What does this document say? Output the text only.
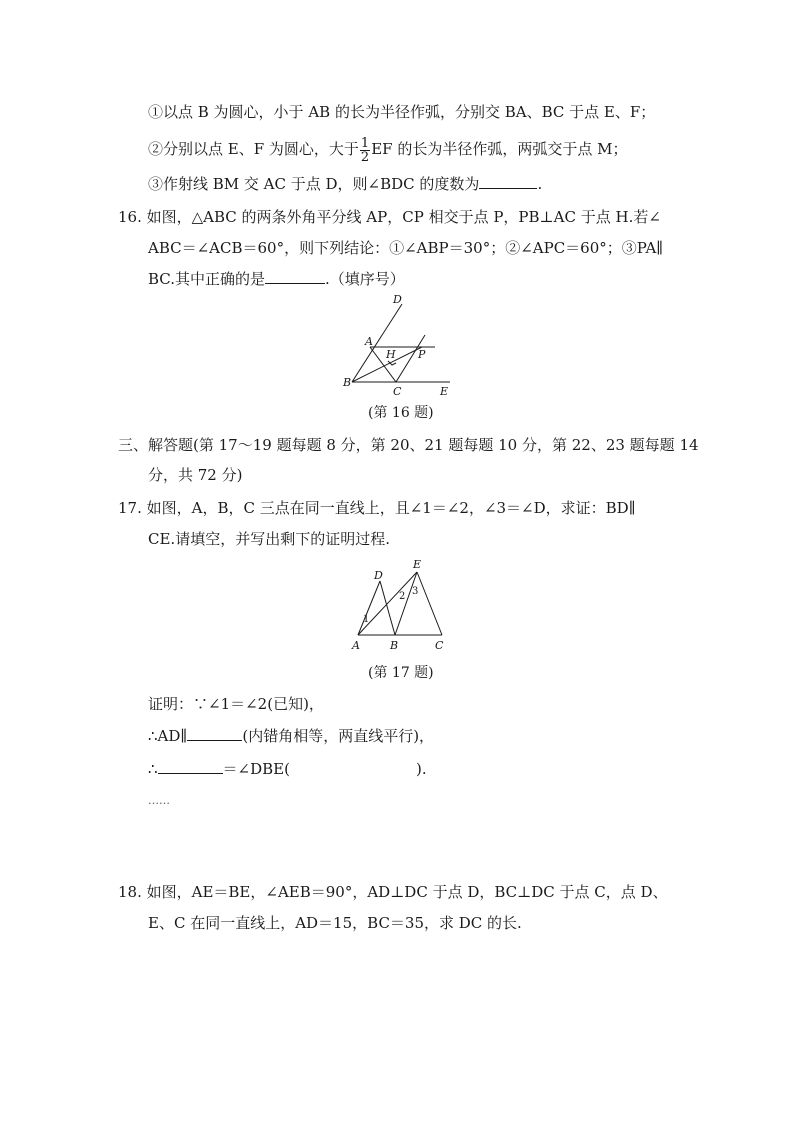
①以点 B 为圆心，小于 AB 的长为半径作弧，分别交 BA、BC 于点 E、F；
②分别以点 E、F 为圆心，大于 $\frac{1}{2}$ EF 的长为半径作弧，两弧交于点 M；
③作射线 BM 交 AC 于点 D，则∠BDC 的度数为	.
16. 如图，△ABC 的两条外角平分线 AP，CP 相交于点 P，PB⊥AC 于点 H.若∠
ABC＝∠ACB＝60°，则下列结论：①∠ABP＝30°；②∠APC＝60°；③PA∥
BC.其中正确的是	.（填序号）
D
A
H P
B
C	E
(第 16 题)
三、解答题(第 17～19 题每题 8 分，第 20、21 题每题 10 分，第 22、23 题每题 14
分，共 72 分)
17. 如图，A，B，C 三点在同一直线上，且∠1＝∠2，∠3＝∠D，求证：BD∥
CE.请填空，并写出剩下的证明过程.
D
E
A	B	C
1
2 3
(第 17 题)
证明：∵∠1＝∠2(已知)，
∴AD∥	(内错角相等，两直线平行)，
∴	＝∠DBE(	).
……
18. 如图，AE＝BE，∠AEB＝90°，AD⊥DC 于点 D，BC⊥DC 于点 C，点 D、
E、C 在同一直线上，AD＝15，BC＝35，求 DC 的长.
